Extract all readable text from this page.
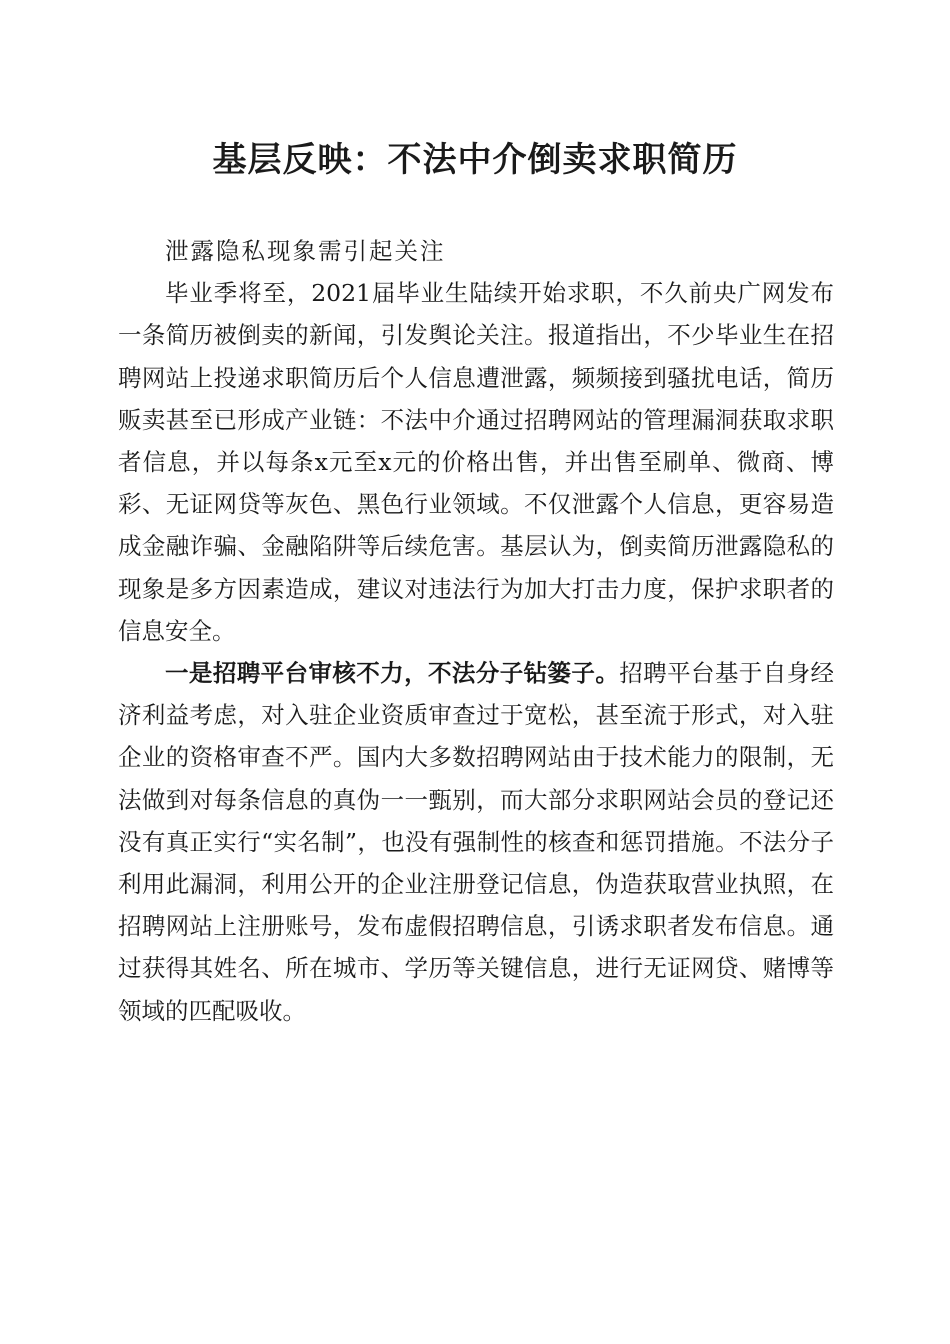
基层反映：不法中介倒卖求职简历

泄露隐私现象需引起关注

毕业季将至，2021届毕业生陆续开始求职，不久前央广网发布一条简历被倒卖的新闻，引发舆论关注。报道指出，不少毕业生在招聘网站上投递求职简历后个人信息遭泄露，频频接到骚扰电话，简历贩卖甚至已形成产业链：不法中介通过招聘网站的管理漏洞获取求职者信息，并以每条x元至x元的价格出售，并出售至刷单、微商、博彩、无证网贷等灰色、黑色行业领域。不仅泄露个人信息，更容易造成金融诈骗、金融陷阱等后续危害。基层认为，倒卖简历泄露隐私的现象是多方因素造成，建议对违法行为加大打击力度，保护求职者的信息安全。

一是招聘平台审核不力，不法分子钻篓子。招聘平台基于自身经济利益考虑，对入驻企业资质审查过于宽松，甚至流于形式，对入驻企业的资格审查不严。国内大多数招聘网站由于技术能力的限制，无法做到对每条信息的真伪一一甄别，而大部分求职网站会员的登记还没有真正实行“实名制”，也没有强制性的核查和惩罚措施。不法分子利用此漏洞，利用公开的企业注册登记信息，伪造获取营业执照，在招聘网站上注册账号，发布虚假招聘信息，引诱求职者发布信息。通过获得其姓名、所在城市、学历等关键信息，进行无证网贷、赌博等领域的匹配吸收。
